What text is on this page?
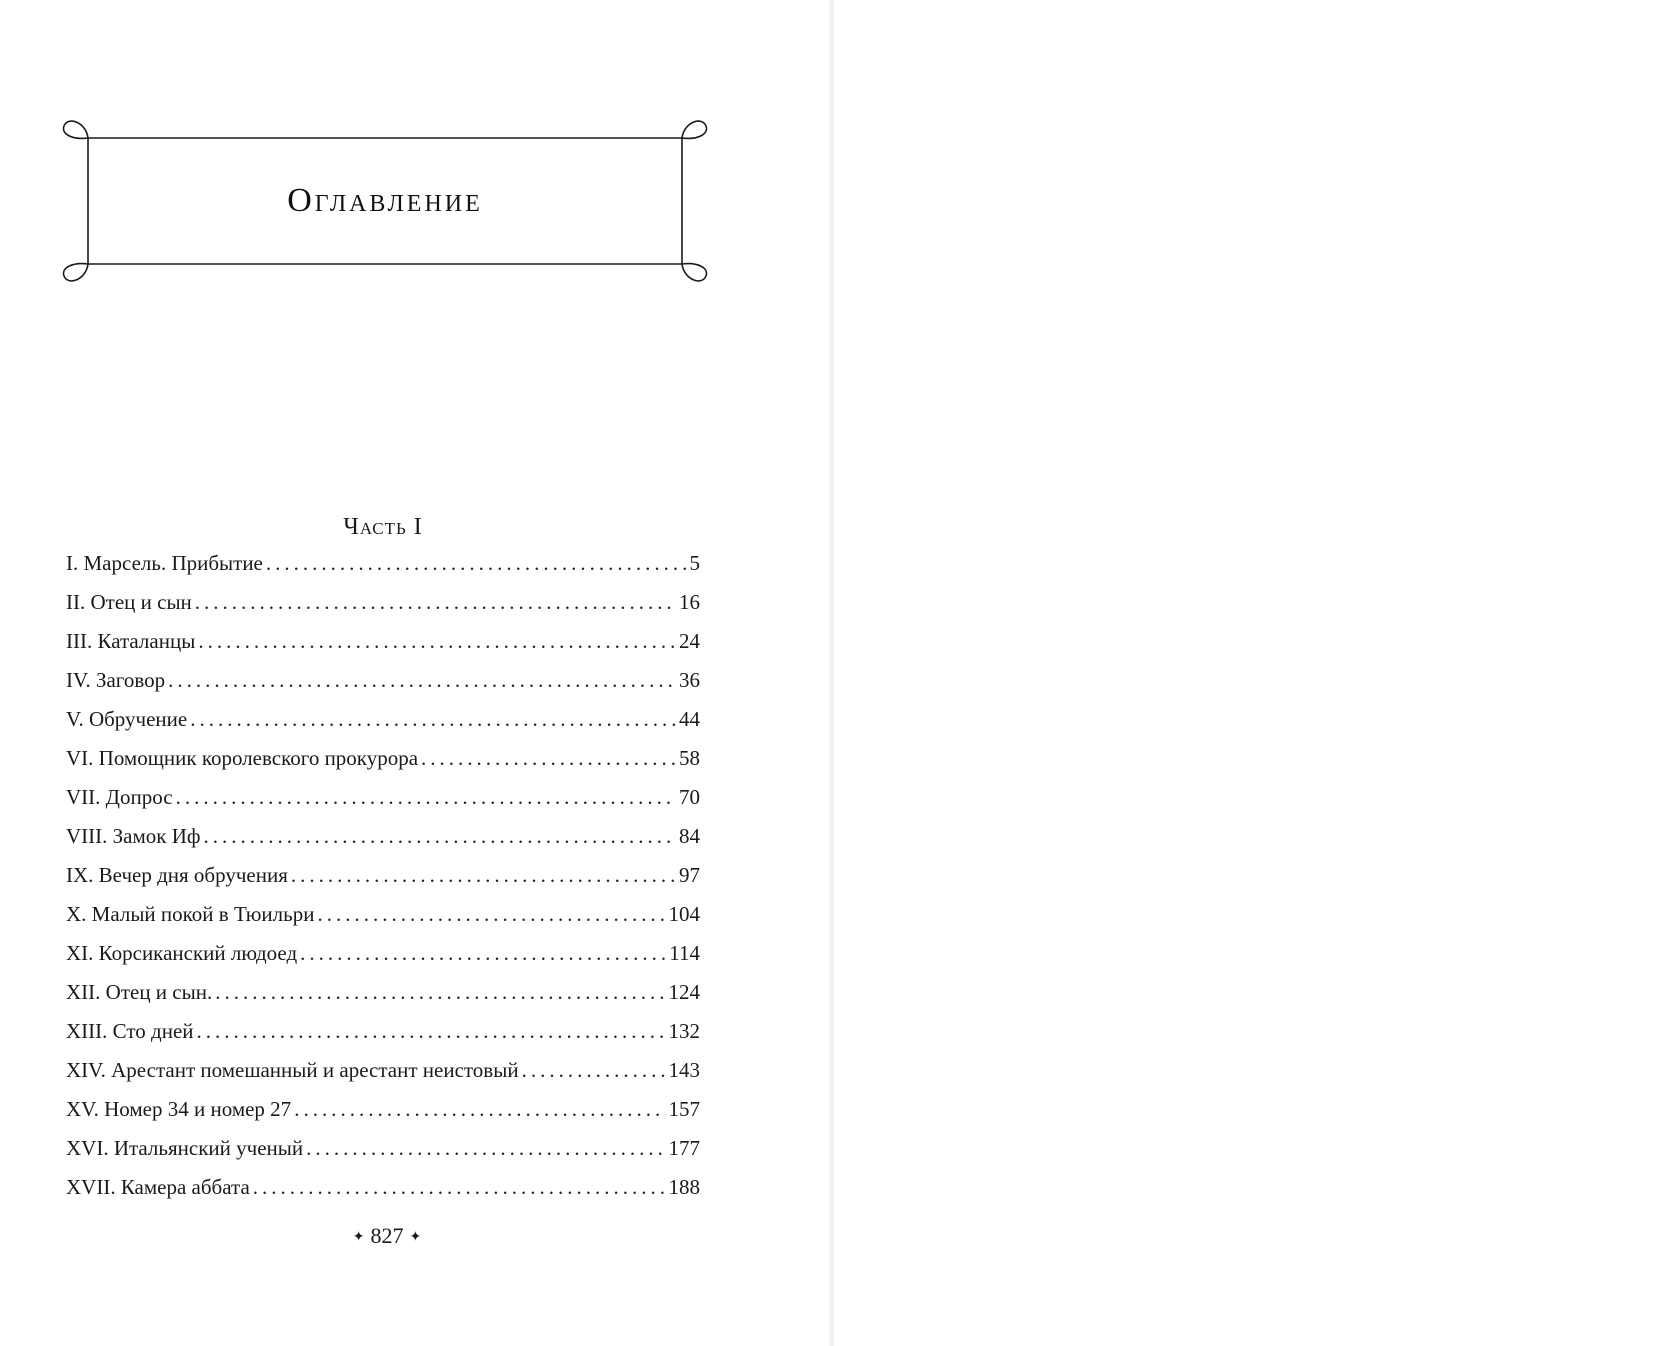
Оглавление
Часть I
I. Марсель. Прибытие .....	5
II. Отец и сын .....	16
III. Каталанцы .....	24
IV. Заговор .....	36
V. Обручение .....	44
VI. Помощник королевского прокурора .....	58
VII. Допрос .....	70
VIII. Замок Иф .....	84
IX. Вечер дня обручения .....	97
X. Малый покой в Тюильри .....	104
XI. Корсиканский людоед .....	114
XII. Отец и сын. .....	124
XIII. Сто дней .....	132
XIV. Арестант помешанный и арестант неистовый .....	143
XV. Номер 34 и номер 27 .....	157
XVI. Итальянский ученый .....	177
XVII. Камера аббата .....	188
✦ 827 ✦
